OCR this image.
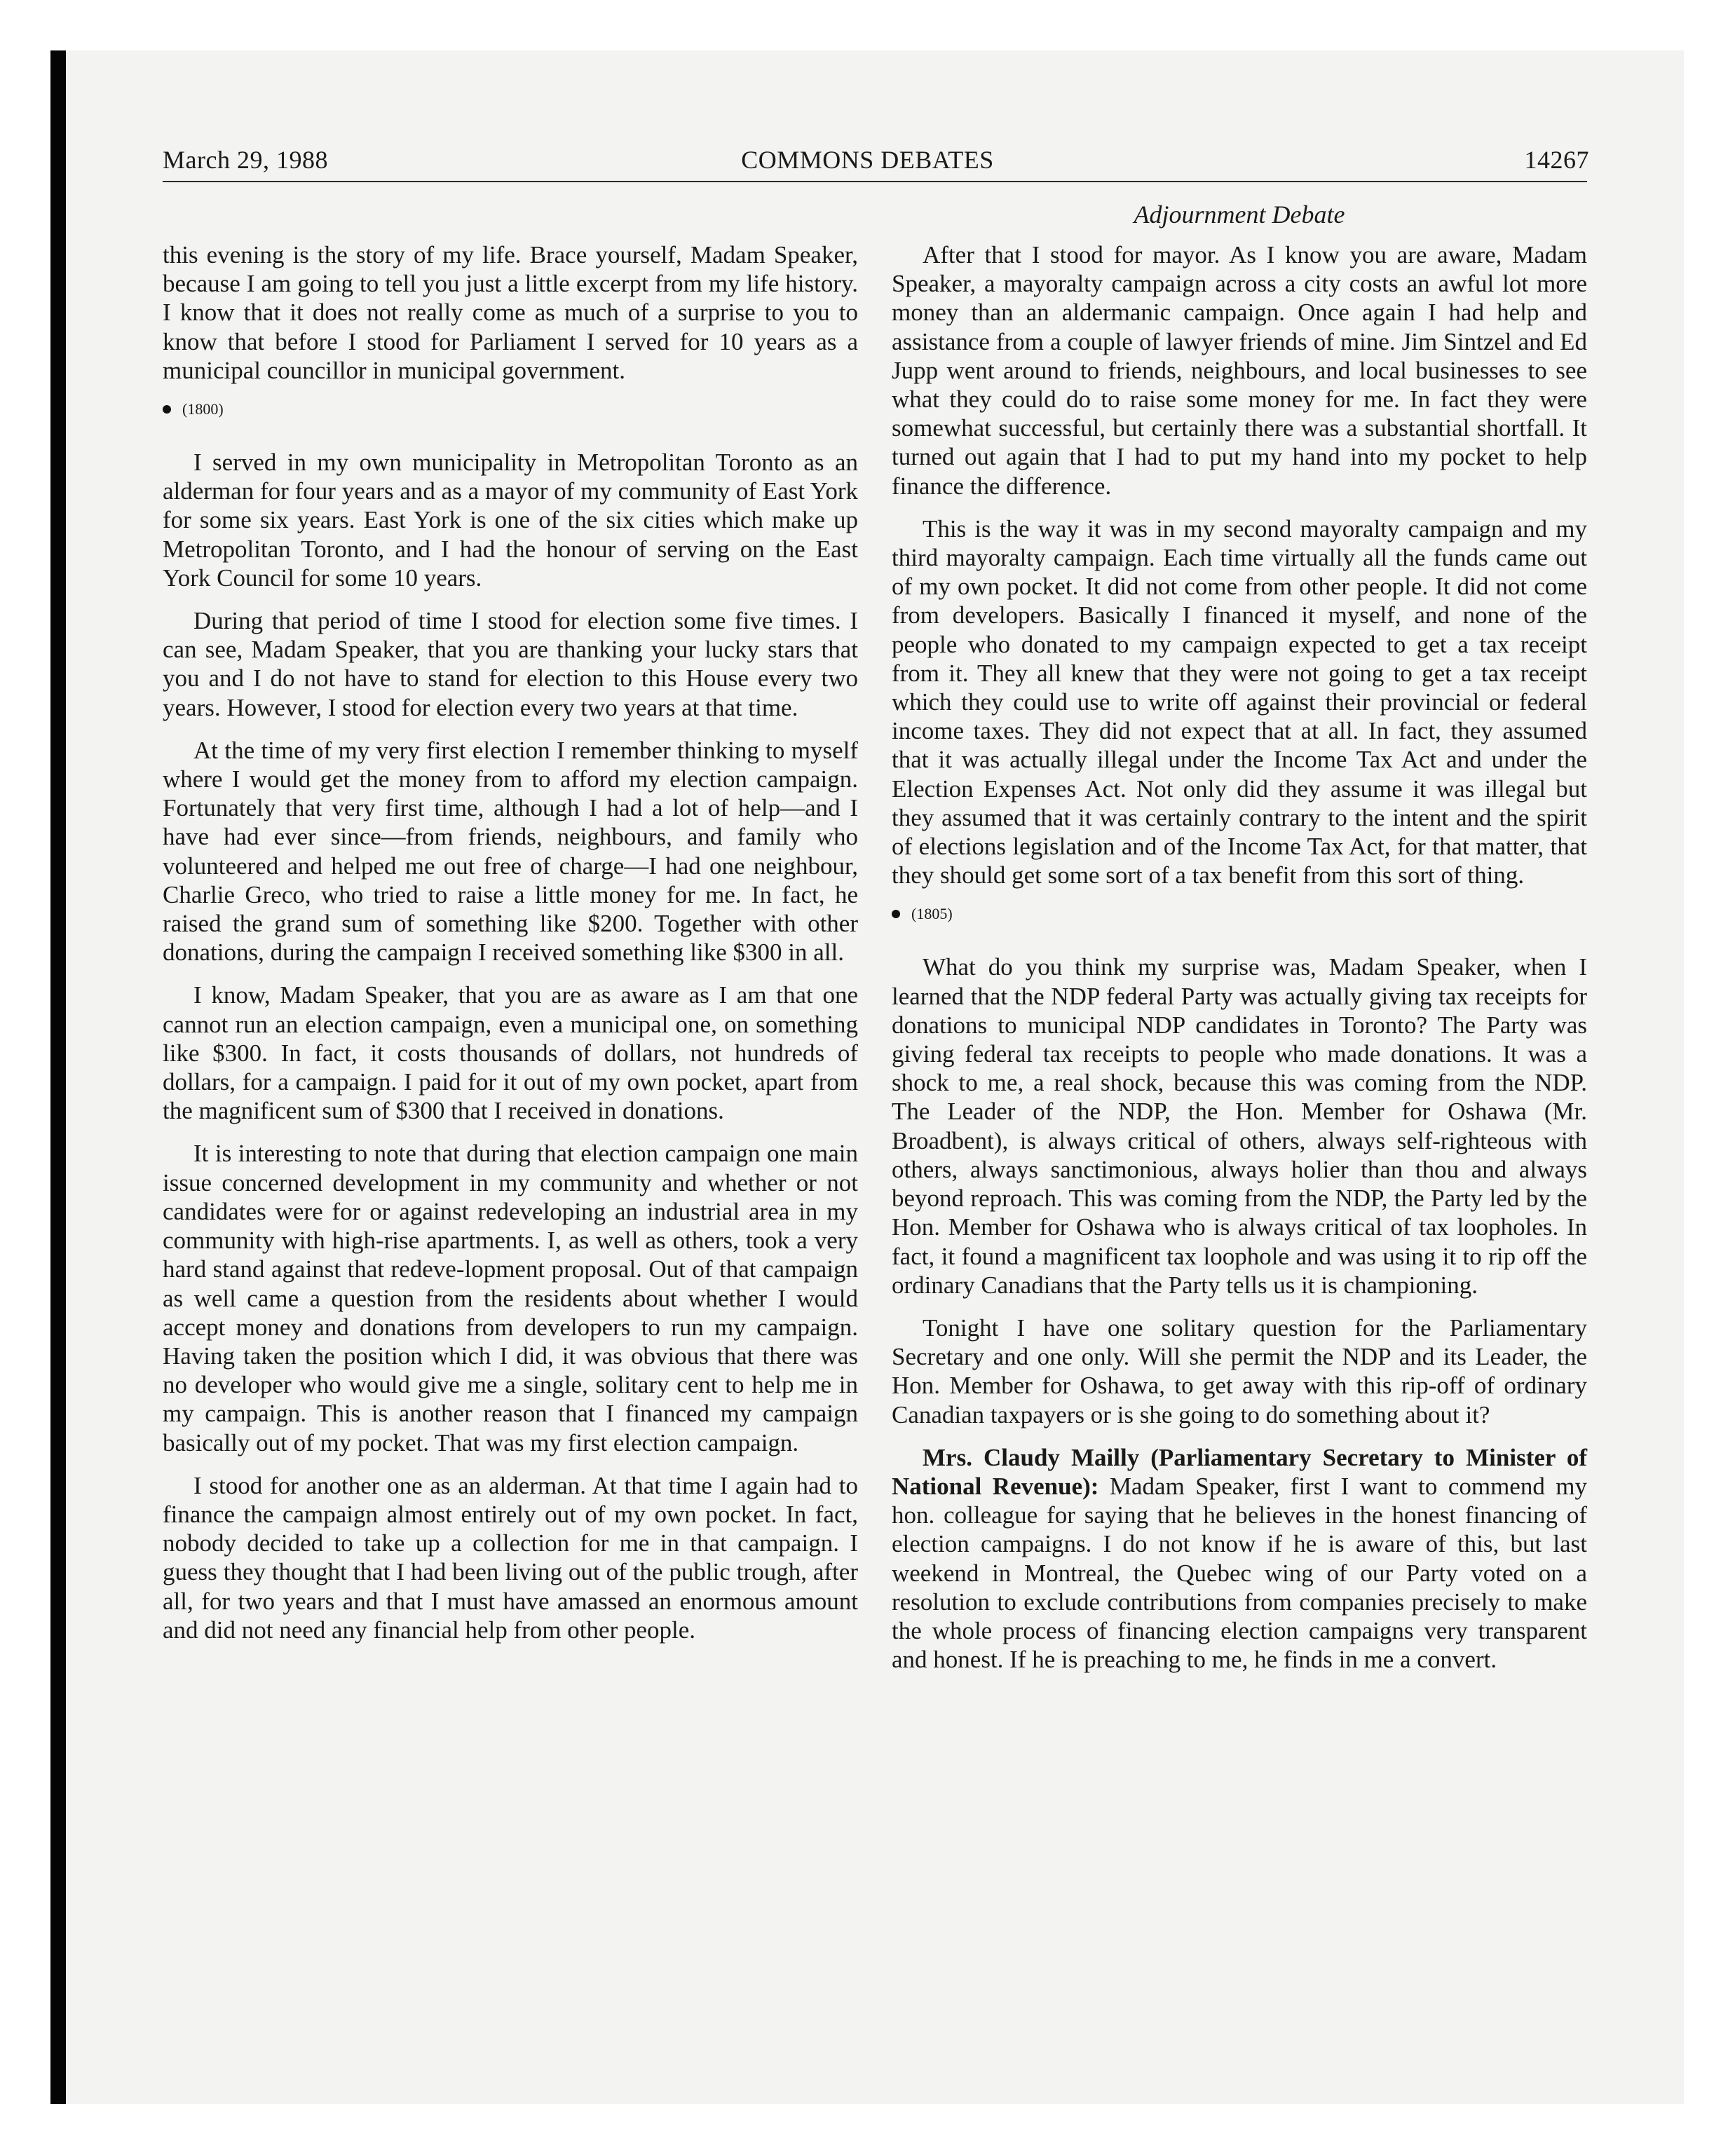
March 29, 1988	COMMONS DEBATES	14267
Adjournment Debate

this evening is the story of my life. Brace yourself, Madam Speaker, because I am going to tell you just a little excerpt from my life history. I know that it does not really come as much of a surprise to you to know that before I stood for Parliament I served for 10 years as a municipal councillor in municipal government.

(1800)

I served in my own municipality in Metropolitan Toronto as an alderman for four years and as a mayor of my community of East York for some six years. East York is one of the six cities which make up Metropolitan Toronto, and I had the honour of serving on the East York Council for some 10 years.

During that period of time I stood for election some five times. I can see, Madam Speaker, that you are thanking your lucky stars that you and I do not have to stand for election to this House every two years. However, I stood for election every two years at that time.

At the time of my very first election I remember thinking to myself where I would get the money from to afford my election campaign. Fortunately that very first time, although I had a lot of help—and I have had ever since—from friends, neighbours, and family who volunteered and helped me out free of charge—I had one neighbour, Charlie Greco, who tried to raise a little money for me. In fact, he raised the grand sum of something like $200. Together with other donations, during the campaign I received something like $300 in all.

I know, Madam Speaker, that you are as aware as I am that one cannot run an election campaign, even a municipal one, on something like $300. In fact, it costs thousands of dollars, not hundreds of dollars, for a campaign. I paid for it out of my own pocket, apart from the magnificent sum of $300 that I received in donations.

It is interesting to note that during that election campaign one main issue concerned development in my community and whether or not candidates were for or against redeveloping an industrial area in my community with high-rise apartments. I, as well as others, took a very hard stand against that redeve-lopment proposal. Out of that campaign as well came a question from the residents about whether I would accept money and donations from developers to run my campaign. Having taken the position which I did, it was obvious that there was no developer who would give me a single, solitary cent to help me in my campaign. This is another reason that I financed my campaign basically out of my pocket. That was my first election campaign.

I stood for another one as an alderman. At that time I again had to finance the campaign almost entirely out of my own pocket. In fact, nobody decided to take up a collection for me in that campaign. I guess they thought that I had been living out of the public trough, after all, for two years and that I must have amassed an enormous amount and did not need any financial help from other people.

After that I stood for mayor. As I know you are aware, Madam Speaker, a mayoralty campaign across a city costs an awful lot more money than an aldermanic campaign. Once again I had help and assistance from a couple of lawyer friends of mine. Jim Sintzel and Ed Jupp went around to friends, neighbours, and local businesses to see what they could do to raise some money for me. In fact they were somewhat successful, but certainly there was a substantial shortfall. It turned out again that I had to put my hand into my pocket to help finance the difference.

This is the way it was in my second mayoralty campaign and my third mayoralty campaign. Each time virtually all the funds came out of my own pocket. It did not come from other people. It did not come from developers. Basically I financed it myself, and none of the people who donated to my campaign expected to get a tax receipt from it. They all knew that they were not going to get a tax receipt which they could use to write off against their provincial or federal income taxes. They did not expect that at all. In fact, they assumed that it was actually illegal under the Income Tax Act and under the Election Expenses Act. Not only did they assume it was illegal but they assumed that it was certainly contrary to the intent and the spirit of elections legislation and of the Income Tax Act, for that matter, that they should get some sort of a tax benefit from this sort of thing.

(1805)

What do you think my surprise was, Madam Speaker, when I learned that the NDP federal Party was actually giving tax receipts for donations to municipal NDP candidates in Toronto? The Party was giving federal tax receipts to people who made donations. It was a shock to me, a real shock, because this was coming from the NDP. The Leader of the NDP, the Hon. Member for Oshawa (Mr. Broadbent), is always critical of others, always self-righteous with others, always sanctimonious, always holier than thou and always beyond reproach. This was coming from the NDP, the Party led by the Hon. Member for Oshawa who is always critical of tax loopholes. In fact, it found a magnificent tax loophole and was using it to rip off the ordinary Canadians that the Party tells us it is championing.

Tonight I have one solitary question for the Parliamentary Secretary and one only. Will she permit the NDP and its Leader, the Hon. Member for Oshawa, to get away with this rip-off of ordinary Canadian taxpayers or is she going to do something about it?

Mrs. Claudy Mailly (Parliamentary Secretary to Minister of National Revenue): Madam Speaker, first I want to commend my hon. colleague for saying that he believes in the honest financing of election campaigns. I do not know if he is aware of this, but last weekend in Montreal, the Quebec wing of our Party voted on a resolution to exclude contributions from companies precisely to make the whole process of financing election campaigns very transparent and honest. If he is preaching to me, he finds in me a convert.
